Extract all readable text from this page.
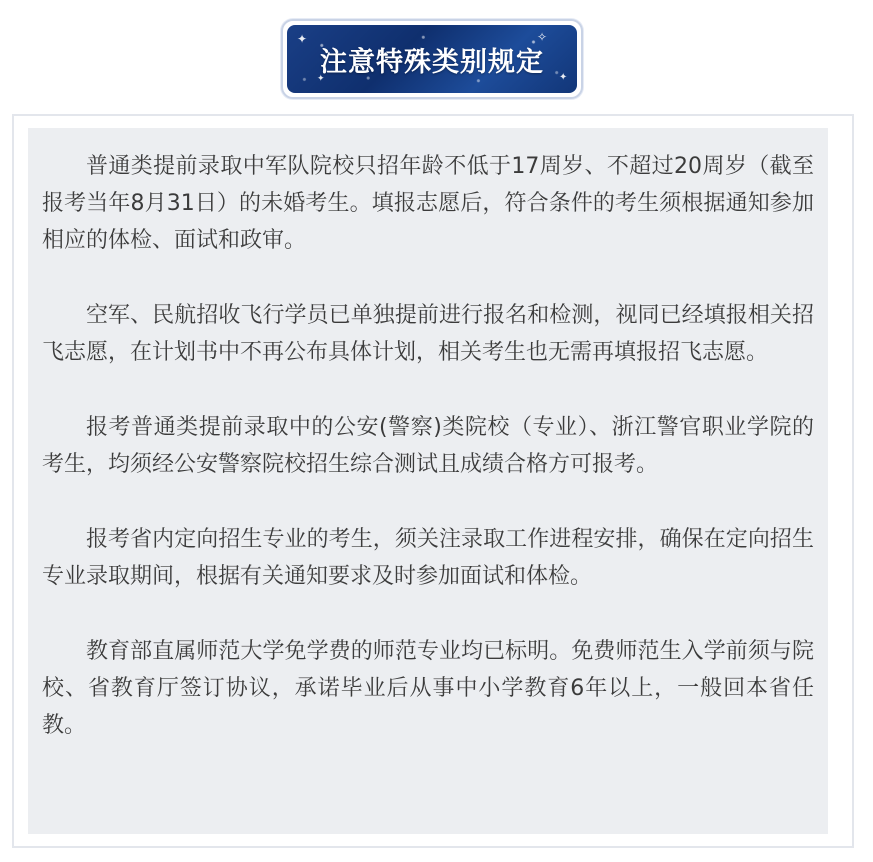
✦	✧
✦	✦
注意特殊类别规定

普通类提前录取中军队院校只招年龄不低于17周岁、不超过20周岁（截至报考当年8月31日）的未婚考生。填报志愿后，符合条件的考生须根据通知参加相应的体检、面试和政审。

空军、民航招收飞行学员已单独提前进行报名和检测，视同已经填报相关招飞志愿，在计划书中不再公布具体计划，相关考生也无需再填报招飞志愿。

报考普通类提前录取中的公安(警察)类院校（专业）、浙江警官职业学院的考生，均须经公安警察院校招生综合测试且成绩合格方可报考。

报考省内定向招生专业的考生，须关注录取工作进程安排，确保在定向招生专业录取期间，根据有关通知要求及时参加面试和体检。

教育部直属师范大学免学费的师范专业均已标明。免费师范生入学前须与院校、省教育厅签订协议，承诺毕业后从事中小学教育6年以上，一般回本省任教。
